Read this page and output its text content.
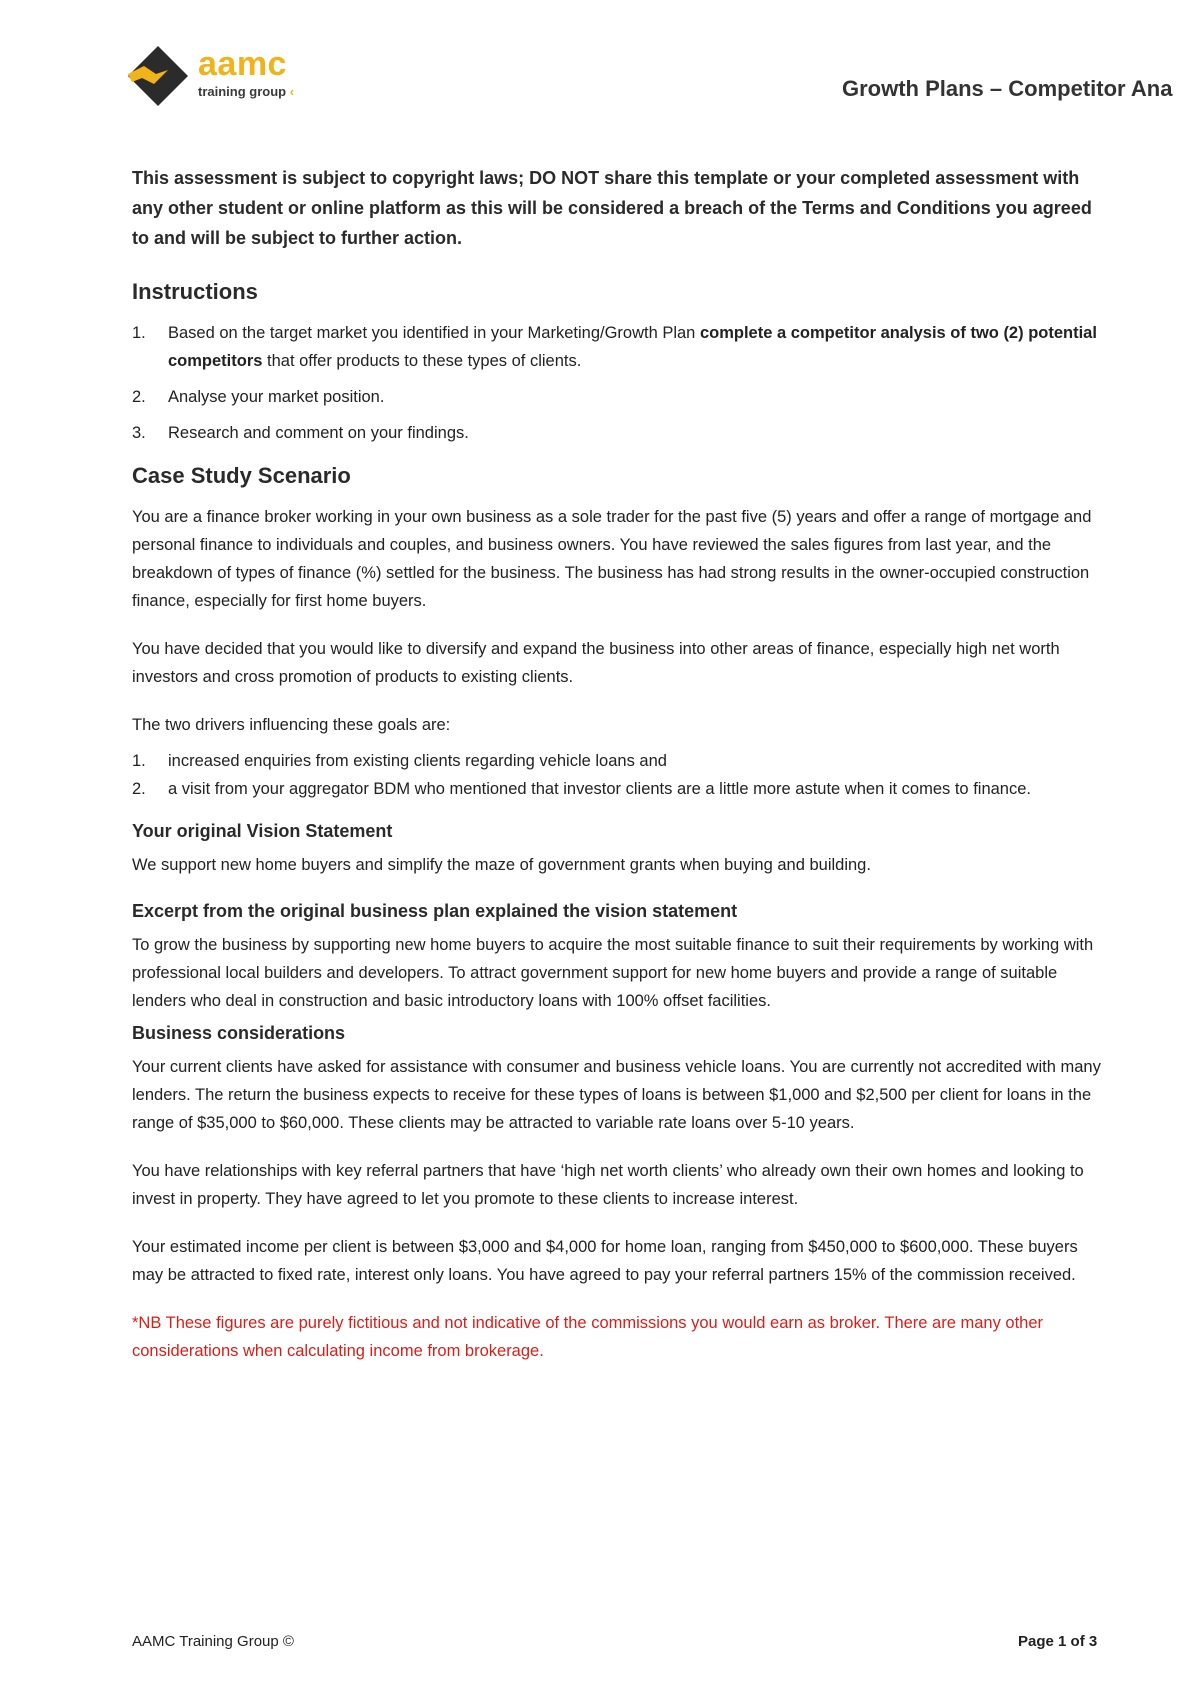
aamc
training group ‹	Growth Plans – Competitor Ana

This assessment is subject to copyright laws; DO NOT share this template or your completed assessment with any other student or online platform as this will be considered a breach of the Terms and Conditions you agreed to and will be subject to further action.

Instructions
1. Based on the target market you identified in your Marketing/Growth Plan complete a competitor analysis of two (2) potential competitors that offer products to these types of clients.
2. Analyse your market position.
3. Research and comment on your findings.
Case Study Scenario

You are a finance broker working in your own business as a sole trader for the past five (5) years and offer a range of mortgage and personal finance to individuals and couples, and business owners. You have reviewed the sales figures from last year, and the breakdown of types of finance (%) settled for the business. The business has had strong results in the owner-occupied construction finance, especially for first home buyers.

You have decided that you would like to diversify and expand the business into other areas of finance, especially high net worth investors and cross promotion of products to existing clients.

The two drivers influencing these goals are:

1. increased enquiries from existing clients regarding vehicle loans and
2. a visit from your aggregator BDM who mentioned that investor clients are a little more astute when it comes to finance.
Your original Vision Statement

We support new home buyers and simplify the maze of government grants when buying and building.

Excerpt from the original business plan explained the vision statement

To grow the business by supporting new home buyers to acquire the most suitable finance to suit their requirements by working with professional local builders and developers. To attract government support for new home buyers and provide a range of suitable lenders who deal in construction and basic introductory loans with 100% offset facilities.

Business considerations

Your current clients have asked for assistance with consumer and business vehicle loans. You are currently not accredited with many lenders. The return the business expects to receive for these types of loans is between $1,000 and $2,500 per client for loans in the range of $35,000 to $60,000. These clients may be attracted to variable rate loans over 5-10 years.

You have relationships with key referral partners that have ‘high net worth clients’ who already own their own homes and looking to invest in property. They have agreed to let you promote to these clients to increase interest.

Your estimated income per client is between $3,000 and $4,000 for home loan, ranging from $450,000 to $600,000. These buyers may be attracted to fixed rate, interest only loans. You have agreed to pay your referral partners 15% of the commission received.

*NB These figures are purely fictitious and not indicative of the commissions you would earn as broker. There are many other considerations when calculating income from brokerage.

AAMC Training Group ©	Page 1 of 3
